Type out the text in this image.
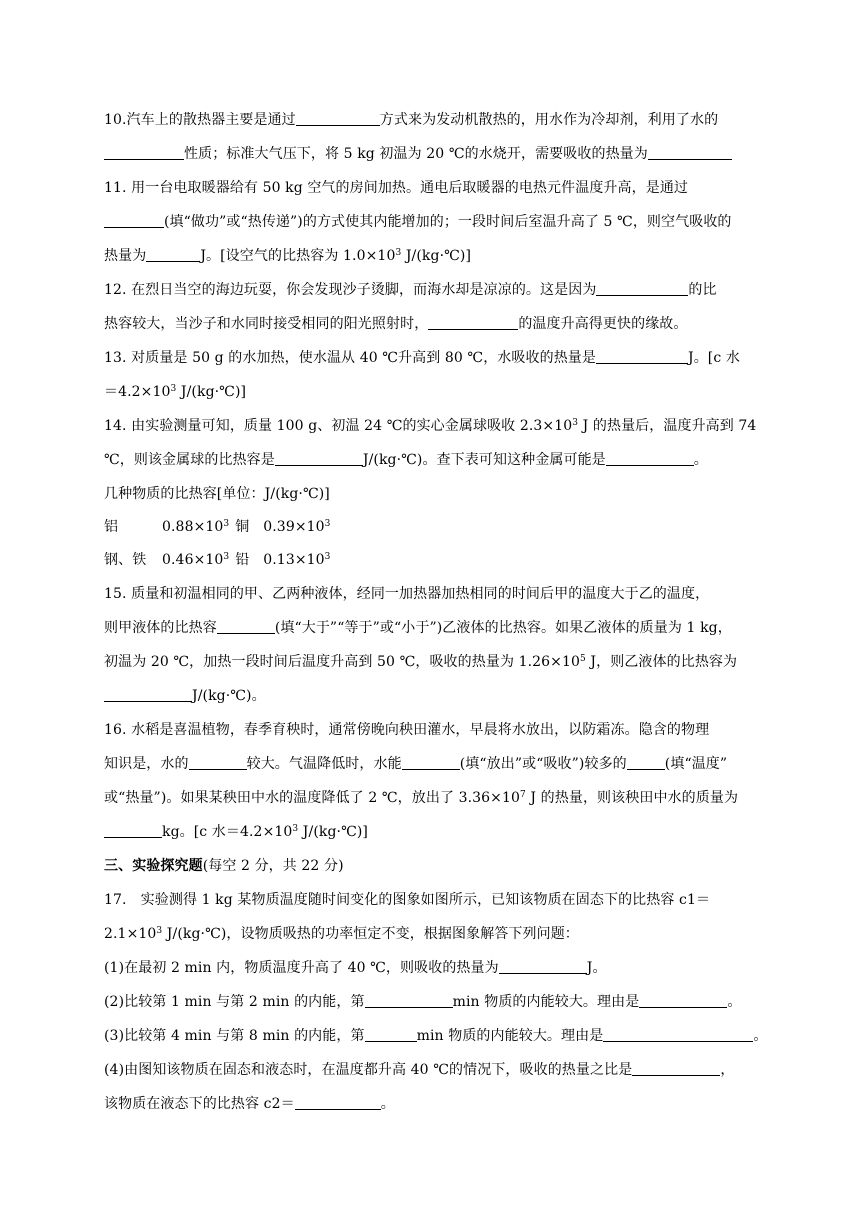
10.汽车上的散热器主要是通过	方式来为发动机散热的，用水作为冷却剂，利用了水的
性质；标准大气压下，将 5 kg 初温为 20 ℃的水烧开，需要吸收的热量为
11. 用一台电取暖器给有 50 kg 空气的房间加热。通电后取暖器的电热元件温度升高，是通过
(填“做功”或“热传递”)的方式使其内能增加的；一段时间后室温升高了 5 ℃，则空气吸收的
热量为	J。[设空气的比热容为 $1.0\times 10^3$ J/(kg·℃)]
12. 在烈日当空的海边玩耍，你会发现沙子烫脚，而海水却是凉凉的。这是因为	的比
热容较大，当沙子和水同时接受相同的阳光照射时，	的温度升高得更快的缘故。
13. 对质量是 50 g 的水加热，使水温从 40 ℃升高到 80 ℃，水吸收的热量是	J。[c 水
$=4.2\times 10^3$ J/(kg·℃)]
14. 由实验测量可知，质量 100 g、初温 24 ℃的实心金属球吸收 $2.3\times 10^3$ J 的热量后，温度升高到 74
℃，则该金属球的比热容是	J/(kg·℃)。查下表可知这种金属可能是	。
几种物质的比热容[单位：J/(kg·℃)]
铝	$0.88\times 10^3$ 铜 $0.39\times 10^3$
钢、铁 $0.46\times 10^3$ 铅 $0.13\times 10^3$
15. 质量和初温相同的甲、乙两种液体，经同一加热器加热相同的时间后甲的温度大于乙的温度，
则甲液体的比热容	(填“大于”“等于”或“小于”)乙液体的比热容。如果乙液体的质量为 1 kg，
初温为 20 ℃，加热一段时间后温度升高到 50 ℃，吸收的热量为 $1.26\times 10^5$ J，则乙液体的比热容为
J/(kg·℃)。
16. 水稻是喜温植物，春季育秧时，通常傍晚向秧田灌水，早晨将水放出，以防霜冻。隐含的物理
知识是，水的	较大。气温降低时，水能	(填“放出”或“吸收”)较多的	(填“温度”
或“热量”)。如果某秧田中水的温度降低了 2 ℃，放出了 $3.36\times 10^7$ J 的热量，则该秧田中水的质量为
kg。[c 水$=4.2\times 10^3$ J/(kg·℃)]
三、实验探究题(每空 2 分，共 22 分)
17.　实验测得 1 kg 某物质温度随时间变化的图象如图所示，已知该物质在固态下的比热容 c1＝
$2.1\times 10^3$ J/(kg·℃)，设物质吸热的功率恒定不变，根据图象解答下列问题：
(1)在最初 2 min 内，物质温度升高了 40 ℃，则吸收的热量为	J。
(2)比较第 1 min 与第 2 min 的内能，第	min 物质的内能较大。理由是	。
(3)比较第 4 min 与第 8 min 的内能，第	min 物质的内能较大。理由是	。
(4)由图知该物质在固态和液态时，在温度都升高 40 ℃的情况下，吸收的热量之比是	，
该物质在液态下的比热容 c2＝	。
